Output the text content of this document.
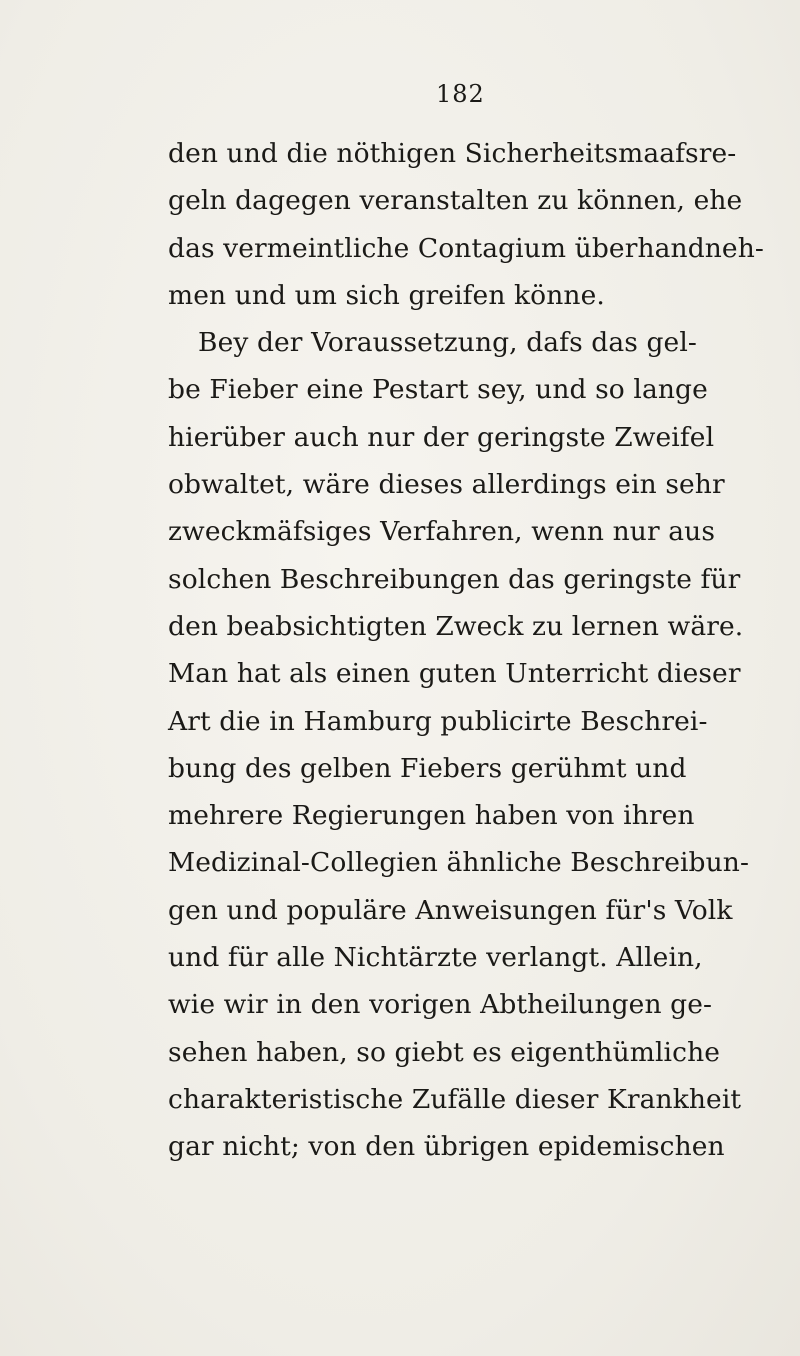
182
den und die nöthigen Sicherheitsmaafsre-
geln dagegen veranstalten zu können, ehe
das vermeintliche Contagium überhandneh-
men und um sich greifen könne.
Bey der Voraussetzung, dafs das gel-
be Fieber eine Pestart sey, und so lange
hierüber auch nur der geringste Zweifel
obwaltet, wäre dieses allerdings ein sehr
zweckmäfsiges Verfahren, wenn nur aus
solchen Beschreibungen das geringste für
den beabsichtigten Zweck zu lernen wäre.
Man hat als einen guten Unterricht dieser
Art die in Hamburg publicirte Beschrei-
bung des gelben Fiebers gerühmt und
mehrere Regierungen haben von ihren
Medizinal-Collegien ähnliche Beschreibun-
gen und populäre Anweisungen für's Volk
und für alle Nichtärzte verlangt. Allein,
wie wir in den vorigen Abtheilungen ge-
sehen haben, so giebt es eigenthümliche
charakteristische Zufälle dieser Krankheit
gar nicht; von den übrigen epidemischen
